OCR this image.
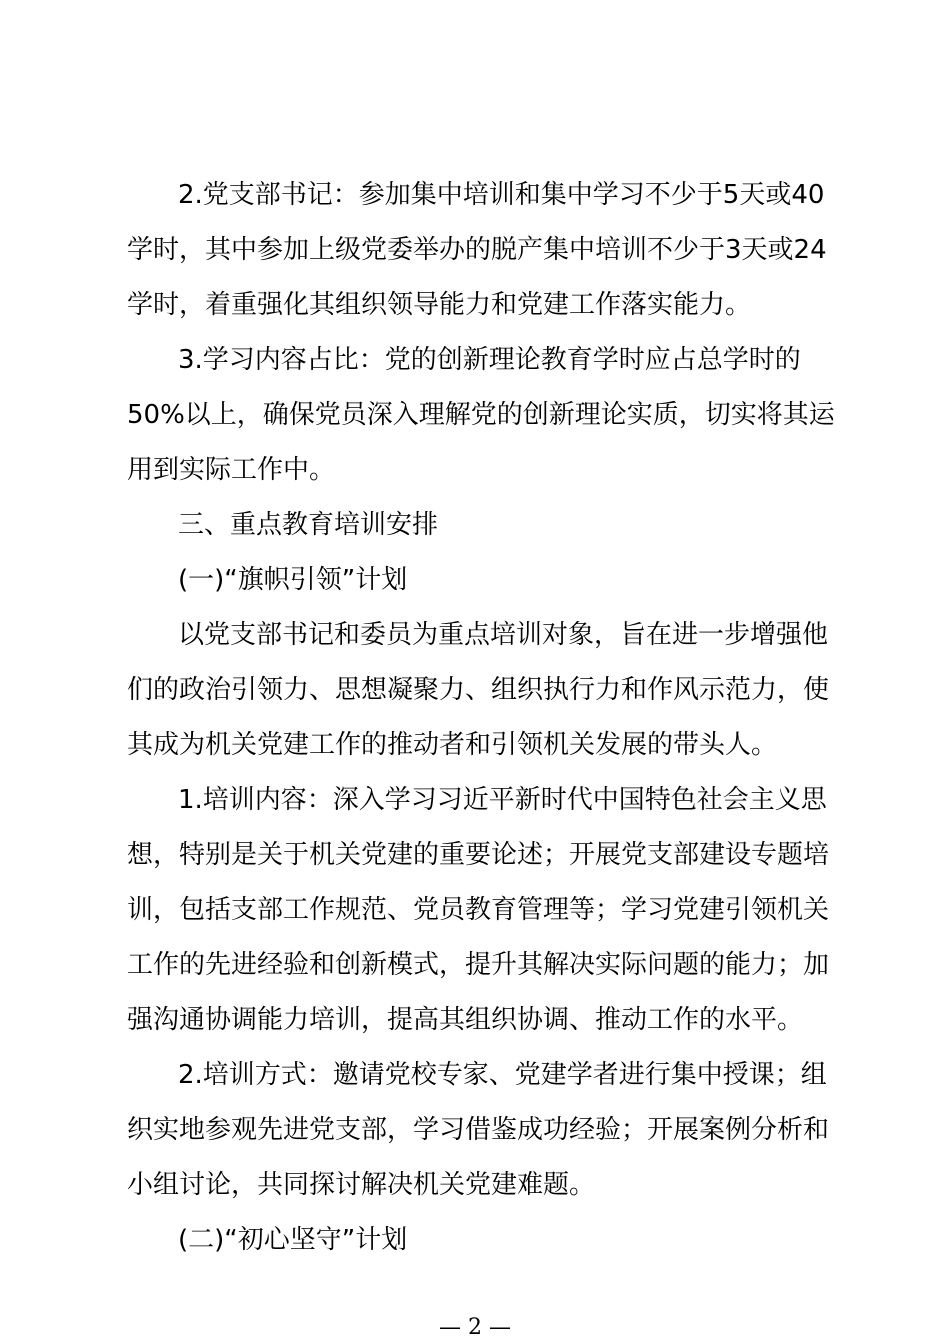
2.党支部书记：参加集中培训和集中学习不少于5天或40
学时，其中参加上级党委举办的脱产集中培训不少于3天或24
学时，着重强化其组织领导能力和党建工作落实能力。
3.学习内容占比：党的创新理论教育学时应占总学时的
50%以上，确保党员深入理解党的创新理论实质，切实将其运
用到实际工作中。
三、重点教育培训安排
(一)“旗帜引领”计划
以党支部书记和委员为重点培训对象，旨在进一步增强他
们的政治引领力、思想凝聚力、组织执行力和作风示范力，使
其成为机关党建工作的推动者和引领机关发展的带头人。
1.培训内容：深入学习习近平新时代中国特色社会主义思
想，特别是关于机关党建的重要论述；开展党支部建设专题培
训，包括支部工作规范、党员教育管理等；学习党建引领机关
工作的先进经验和创新模式，提升其解决实际问题的能力；加
强沟通协调能力培训，提高其组织协调、推动工作的水平。
2.培训方式：邀请党校专家、党建学者进行集中授课；组
织实地参观先进党支部，学习借鉴成功经验；开展案例分析和
小组讨论，共同探讨解决机关党建难题。
(二)“初心坚守”计划
— 2 —
